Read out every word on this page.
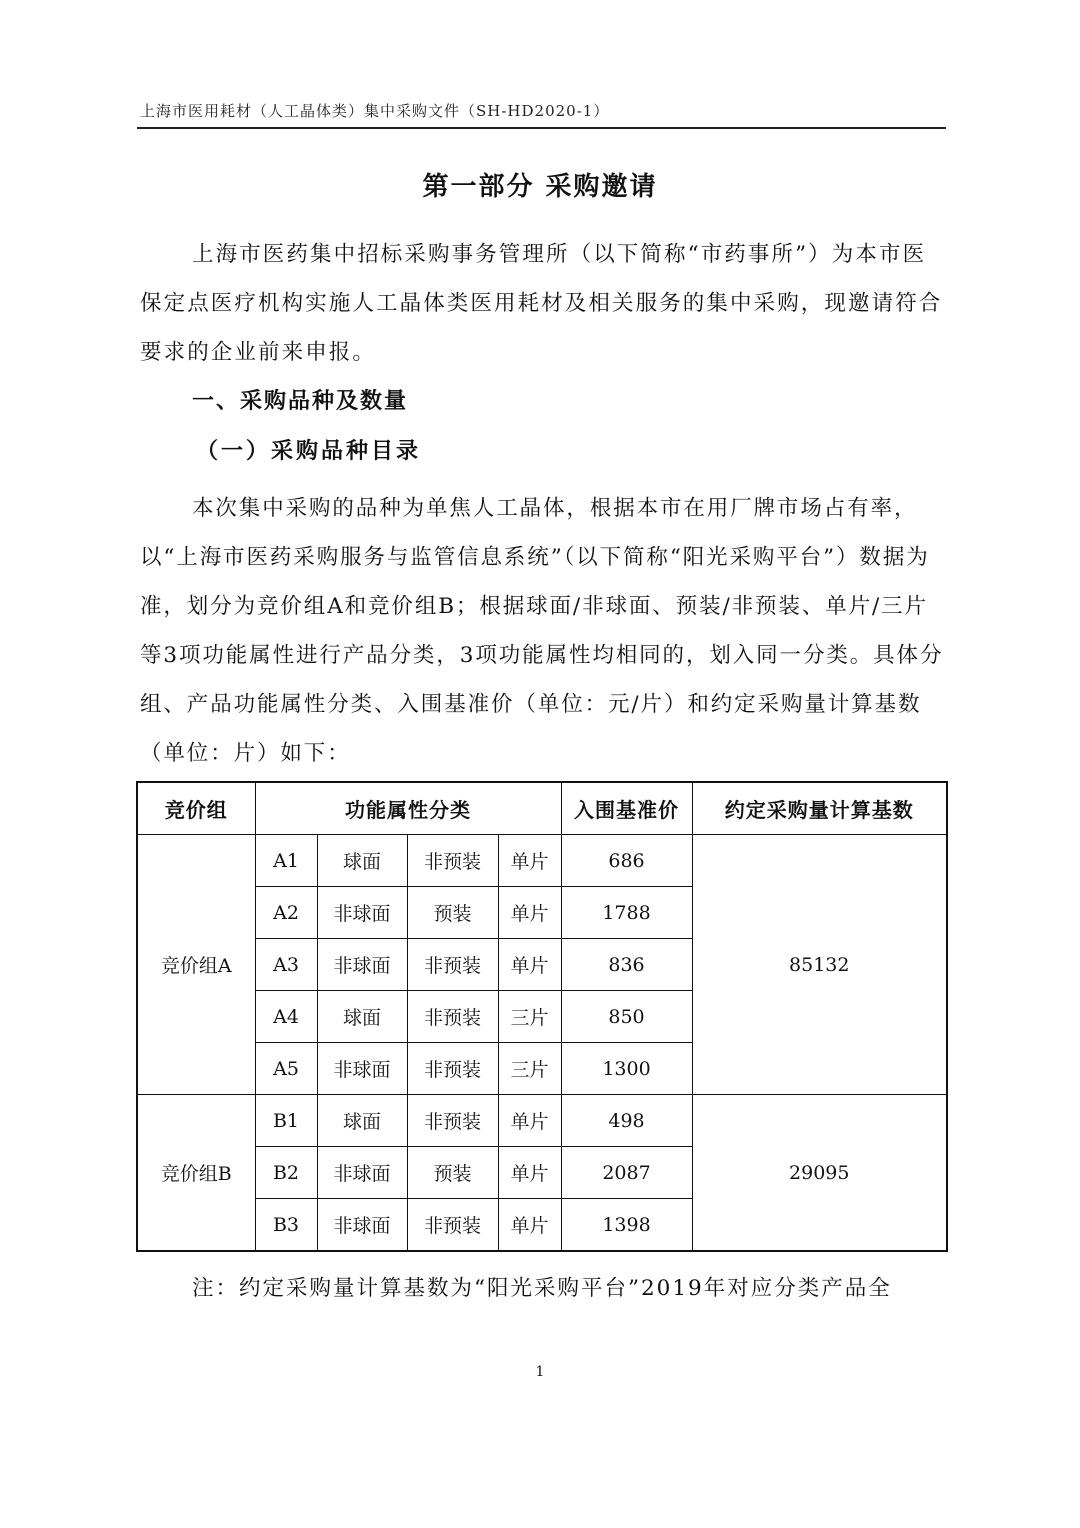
上海市医用耗材（人工晶体类）集中采购文件（SH-HD2020-1）
第一部分 采购邀请

上海市医药集中招标采购事务管理所（以下简称“市药事所”）为本市医保定点医疗机构实施人工晶体类医用耗材及相关服务的集中采购，现邀请符合要求的企业前来申报。

一、采购品种及数量
（一）采购品种目录

本次集中采购的品种为单焦人工晶体，根据本市在用厂牌市场占有率，以“上海市医药采购服务与监管信息系统”（以下简称“阳光采购平台”）数据为准，划分为竞价组A和竞价组B；根据球面/非球面、预装/非预装、单片/三片等3项功能属性进行产品分类，3项功能属性均相同的，划入同一分类。具体分组、产品功能属性分类、入围基准价（单位：元/片）和约定采购量计算基数（单位：片）如下：

竞价组	功能属性分类				入围基准价	约定采购量计算基数
竞价组A	A1	球面	非预装	单片	686	85132
	A2	非球面	预装	单片	1788	
	A3	非球面	非预装	单片	836	
	A4	球面	非预装	三片	850	
	A5	非球面	非预装	三片	1300	
竞价组B	B1	球面	非预装	单片	498	29095
	B2	非球面	预装	单片	2087	
	B3	非球面	非预装	单片	1398	
注：约定采购量计算基数为“阳光采购平台”2019年对应分类产品全
1
